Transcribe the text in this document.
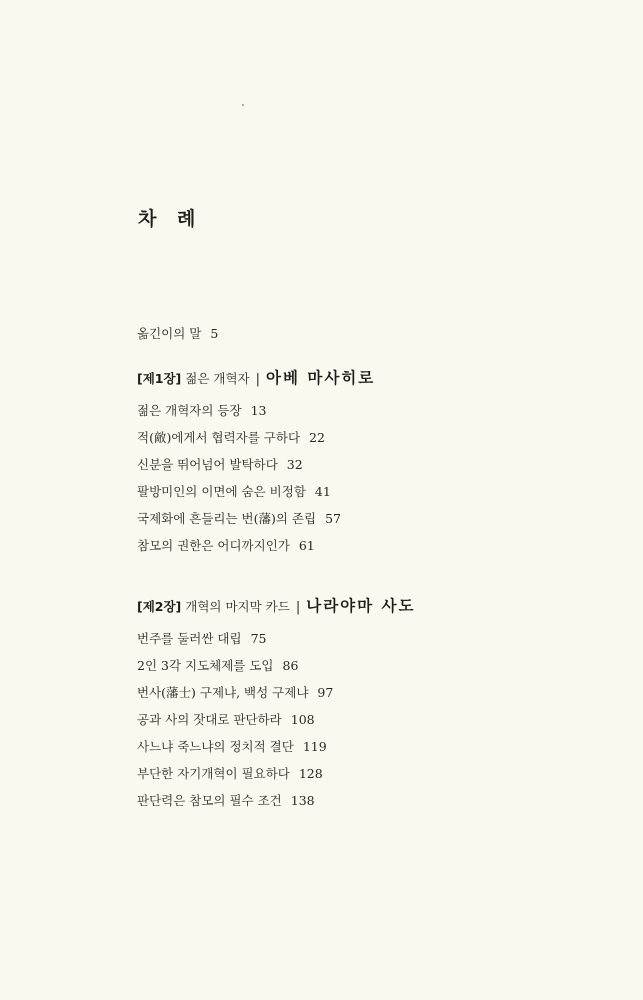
차 례
옮긴이의 말 5
[제1장] 젊은 개혁자 | 아베 마사히로
젊은 개혁자의 등장 13
적(敵)에게서 협력자를 구하다 22
신분을 뛰어넘어 발탁하다 32
팔방미인의 이면에 숨은 비정함 41
국제화에 흔들리는 번(藩)의 존립 57
참모의 권한은 어디까지인가 61
[제2장] 개혁의 마지막 카드 | 나라야마 사도
번주를 둘러싼 대립 75
2인 3각 지도체제를 도입 86
번사(藩士) 구제냐, 백성 구제냐 97
공과 사의 잣대로 판단하라 108
사느냐 죽느냐의 정치적 결단 119
부단한 자기개혁이 필요하다 128
판단력은 참모의 필수 조건 138
